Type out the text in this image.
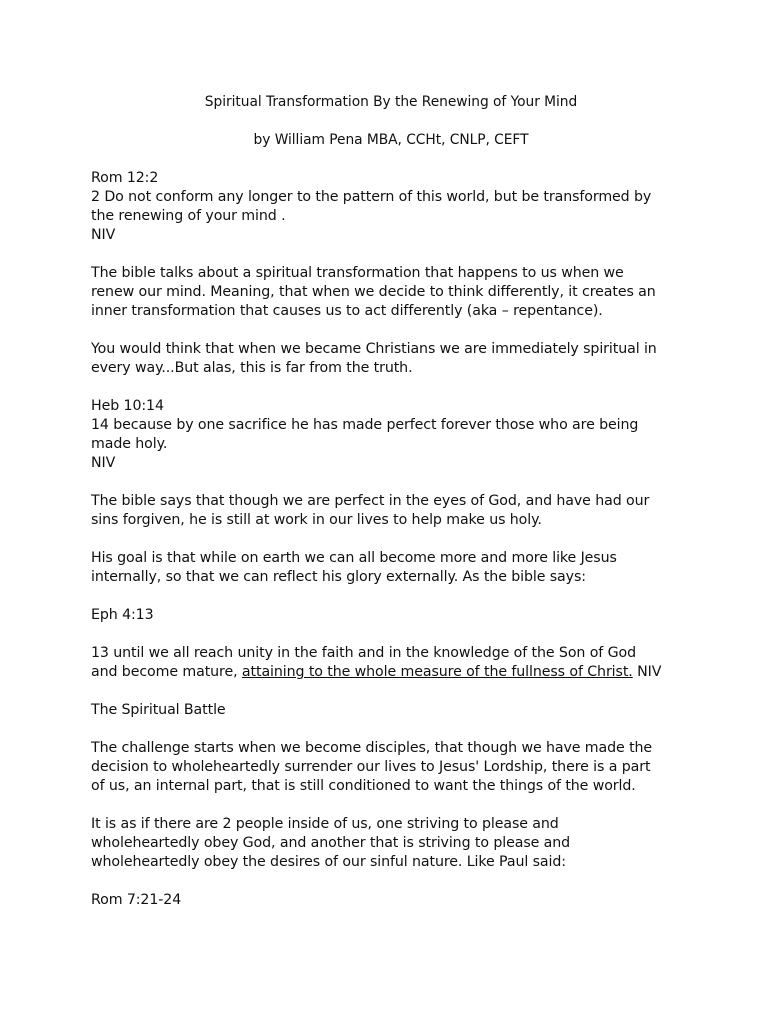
Spiritual Transformation By the Renewing of Your Mind

by William Pena MBA, CCHt, CNLP, CEFT

Rom 12:2
2 Do not conform any longer to the pattern of this world, but be transformed by
the renewing of your mind .
NIV

The bible talks about a spiritual transformation that happens to us when we
renew our mind. Meaning, that when we decide to think differently, it creates an
inner transformation that causes us to act differently (aka – repentance).

You would think that when we became Christians we are immediately spiritual in
every way...But alas, this is far from the truth.

Heb 10:14
14 because by one sacrifice he has made perfect forever those who are being
made holy.
NIV

The bible says that though we are perfect in the eyes of God, and have had our
sins forgiven, he is still at work in our lives to help make us holy.

His goal is that while on earth we can all become more and more like Jesus
internally, so that we can reflect his glory externally. As the bible says:

Eph 4:13

13 until we all reach unity in the faith and in the knowledge of the Son of God
and become mature, attaining to the whole measure of the fullness of Christ. NIV

The Spiritual Battle

The challenge starts when we become disciples, that though we have made the
decision to wholeheartedly surrender our lives to Jesus' Lordship, there is a part
of us, an internal part, that is still conditioned to want the things of the world.

It is as if there are 2 people inside of us, one striving to please and
wholeheartedly obey God, and another that is striving to please and
wholeheartedly obey the desires of our sinful nature. Like Paul said:

Rom 7:21-24
